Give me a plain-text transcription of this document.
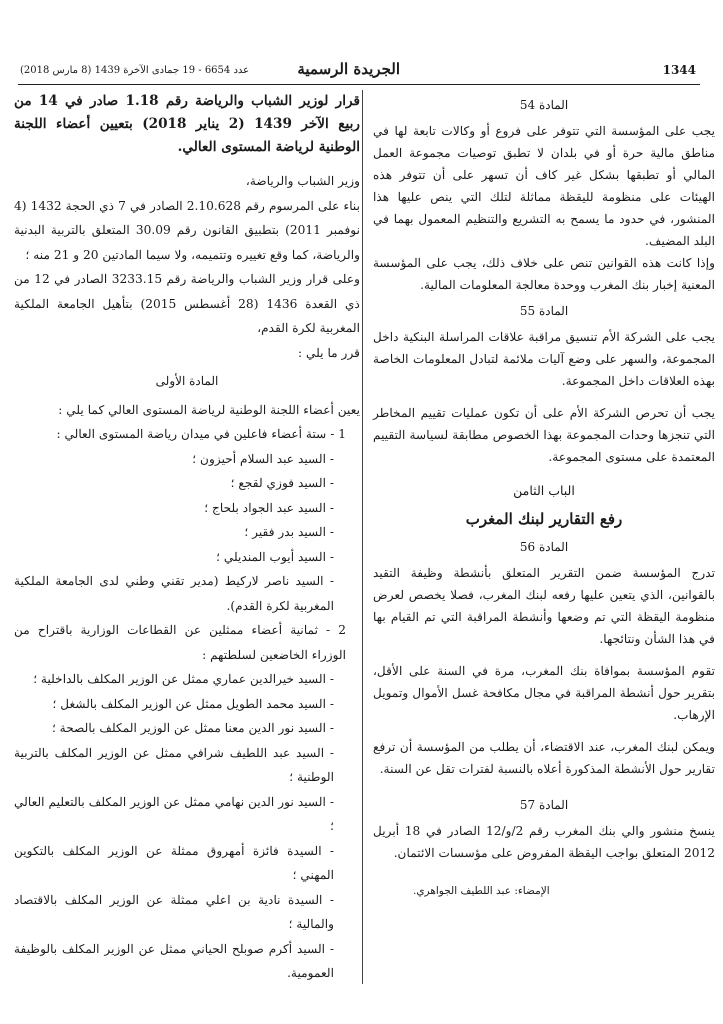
1344
الجريدة الرسمية
عدد 6654 - 19 جمادى الآخرة 1439 (8 مارس 2018)

المادة 54

يجب على المؤسسة التي تتوفر على فروع أو وكالات تابعة لها في مناطق مالية حرة أو في بلدان لا تطبق توصيات مجموعة العمل المالي أو تطبقها بشكل غير كاف أن تسهر على أن تتوفر هذه الهيئات على منظومة لليقظة مماثلة لتلك التي ينص عليها هذا المنشور، في حدود ما يسمح به التشريع والتنظيم المعمول بهما في البلد المضيف.

وإذا كانت هذه القوانين تنص على خلاف ذلك، يجب على المؤسسة المعنية إخبار بنك المغرب ووحدة معالجة المعلومات المالية.

المادة 55

يجب على الشركة الأم تنسيق مراقبة علاقات المراسلة البنكية داخل المجموعة، والسهر على وضع آليات ملائمة لتبادل المعلومات الخاصة بهذه العلاقات داخل المجموعة.

يجب أن تحرص الشركة الأم على أن تكون عمليات تقييم المخاطر التي تنجزها وحدات المجموعة بهذا الخصوص مطابقة لسياسة التقييم المعتمدة على مستوى المجموعة.

الباب الثامن

رفع التقارير لبنك المغرب

المادة 56

تدرج المؤسسة ضمن التقرير المتعلق بأنشطة وظيفة التقيد بالقوانين، الذي يتعين عليها رفعه لبنك المغرب، فصلا يخصص لعرض منظومة اليقظة التي تم وضعها وأنشطة المراقبة التي تم القيام بها في هذا الشأن ونتائجها.

تقوم المؤسسة بموافاة بنك المغرب، مرة في السنة على الأقل، بتقرير حول أنشطة المراقبة في مجال مكافحة غسل الأموال وتمويل الإرهاب.

ويمكن لبنك المغرب، عند الاقتضاء، أن يطلب من المؤسسة أن ترفع تقارير حول الأنشطة المذكورة أعلاه بالنسبة لفترات تقل عن السنة.

المادة 57

ينسخ منشور والي بنك المغرب رقم 2/و/12 الصادر في 18 أبريل 2012 المتعلق بواجب اليقظة المفروض على مؤسسات الائتمان.

الإمضاء: عبد اللطيف الجواهري.

قرار لوزير الشباب والرياضة رقم 1.18 صادر في 14 من ربيع الآخر 1439 (2 يناير 2018) بتعيين أعضاء اللجنة الوطنية لرياضة المستوى العالي.

وزير الشباب والرياضة،

بناء على المرسوم رقم 2.10.628 الصادر في 7 ذي الحجة 1432 (4 نوفمبر 2011) بتطبيق القانون رقم 30.09 المتعلق بالتربية البدنية والرياضة، كما وقع تغييره وتتميمه، ولا سيما المادتين 20 و 21 منه ؛

وعلى قرار وزير الشباب والرياضة رقم 3233.15 الصادر في 12 من ذي القعدة 1436 (28 أغسطس 2015) بتأهيل الجامعة الملكية المغربية لكرة القدم،

قرر ما يلي :

المادة الأولى

يعين أعضاء اللجنة الوطنية لرياضة المستوى العالي كما يلي :

1 - ستة أعضاء فاعلين في ميدان رياضة المستوى العالي :

- السيد عبد السلام أحيزون ؛

- السيد فوزي لقجع ؛

- السيد عبد الجواد بلحاج ؛

- السيد بدر فقير ؛

- السيد أيوب المنديلي ؛

- السيد ناصر لاركيط (مدير تقني وطني لدى الجامعة الملكية المغربية لكرة القدم).

2 - ثمانية أعضاء ممثلين عن القطاعات الوزارية باقتراح من الوزراء الخاضعين لسلطتهم :

- السيد خيرالدين عماري ممثل عن الوزير المكلف بالداخلية ؛

- السيد محمد الطويل ممثل عن الوزير المكلف بالشغل ؛

- السيد نور الدين معنا ممثل عن الوزير المكلف بالصحة ؛

- السيد عبد اللطيف شرافي ممثل عن الوزير المكلف بالتربية الوطنية ؛

- السيد نور الدين نهامي ممثل عن الوزير المكلف بالتعليم العالي ؛

- السيدة فائزة أمهروق ممثلة عن الوزير المكلف بالتكوين المهني ؛

- السيدة نادية بن اعلي ممثلة عن الوزير المكلف بالاقتصاد والمالية ؛

- السيد أكرم صوبلح الحياني ممثل عن الوزير المكلف بالوظيفة العمومية.
